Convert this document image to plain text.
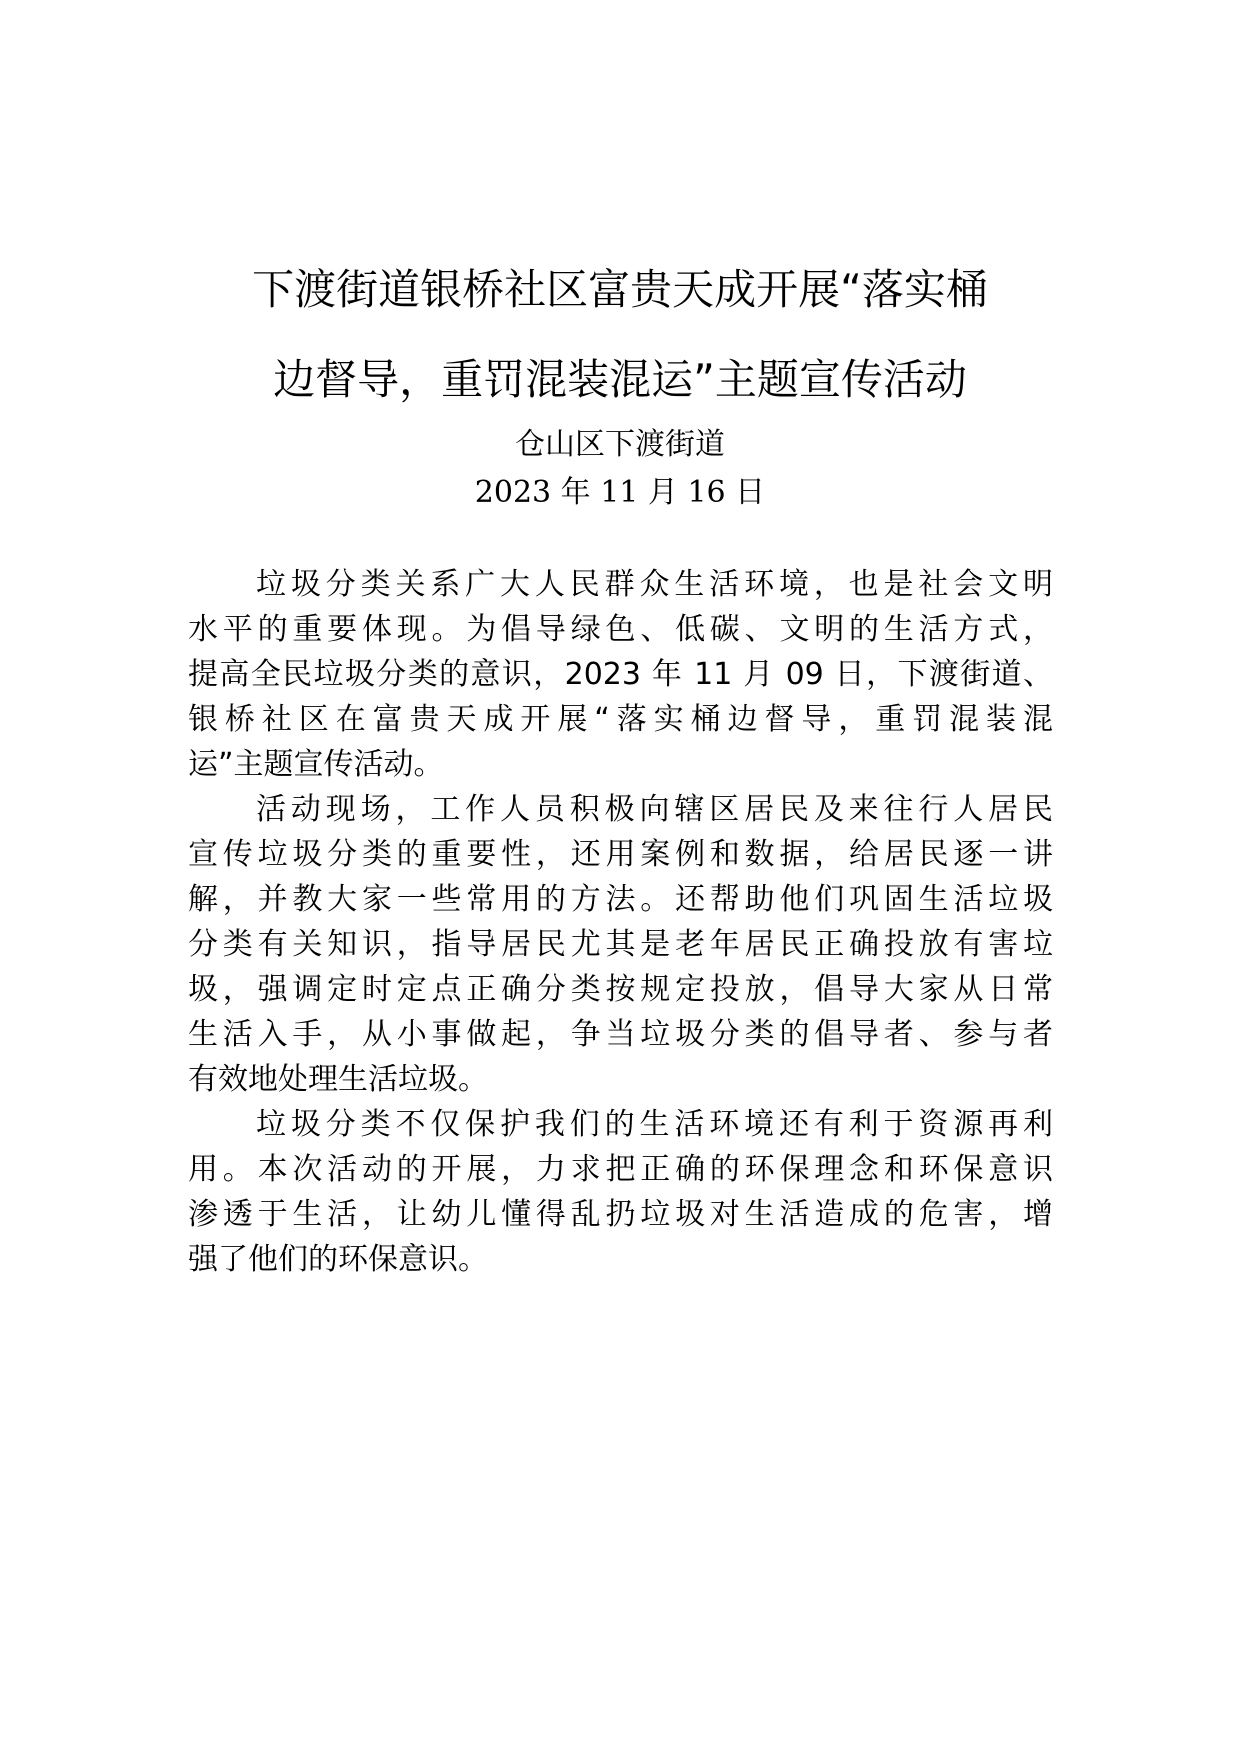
下渡街道银桥社区富贵天成开展“落实桶
边督导，重罚混装混运”主题宣传活动
仓山区下渡街道
2023 年 11 月 16 日
垃圾分类关系广大人民群众生活环境，也是社会文明
水平的重要体现。为倡导绿色、低碳、文明的生活方式，
提高全民垃圾分类的意识，2023 年 11 月 09 日，下渡街道、
银桥社区在富贵天成开展“落实桶边督导，重罚混装混
运”主题宣传活动。
活动现场，工作人员积极向辖区居民及来往行人居民
宣传垃圾分类的重要性，还用案例和数据，给居民逐一讲
解，并教大家一些常用的方法。还帮助他们巩固生活垃圾
分类有关知识，指导居民尤其是老年居民正确投放有害垃
圾，强调定时定点正确分类按规定投放，倡导大家从日常
生活入手，从小事做起，争当垃圾分类的倡导者、参与者
有效地处理生活垃圾。
垃圾分类不仅保护我们的生活环境还有利于资源再利
用。本次活动的开展，力求把正确的环保理念和环保意识
渗透于生活，让幼儿懂得乱扔垃圾对生活造成的危害，增
强了他们的环保意识。
